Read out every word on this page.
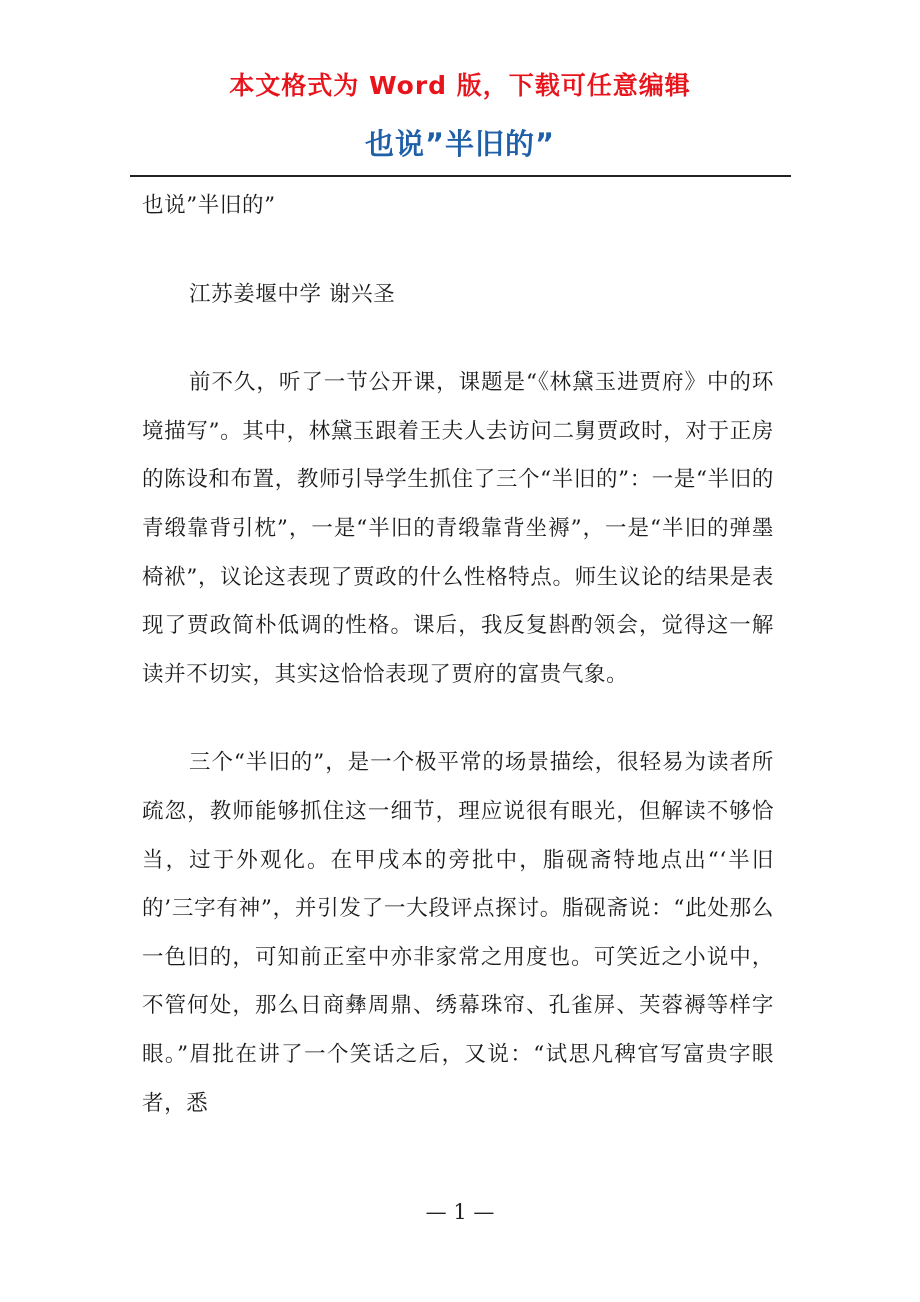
本文格式为 Word 版，下载可任意编辑
也说”半旧的”

也说”半旧的”

江苏姜堰中学 谢兴圣

前不久，听了一节公开课，课题是“《林黛玉进贾府》中的环境描写”。其中，林黛玉跟着王夫人去访问二舅贾政时，对于正房的陈设和布置，教师引导学生抓住了三个“半旧的”：一是“半旧的青缎靠背引枕”，一是“半旧的青缎靠背坐褥”，一是“半旧的弹墨椅袱”，议论这表现了贾政的什么性格特点。师生议论的结果是表现了贾政简朴低调的性格。课后，我反复斟酌领会，觉得这一解读并不切实，其实这恰恰表现了贾府的富贵气象。

三个“半旧的”，是一个极平常的场景描绘，很轻易为读者所疏忽，教师能够抓住这一细节，理应说很有眼光，但解读不够恰当，过于外观化。在甲戌本的旁批中，脂砚斋特地点出“‘半旧的’三字有神”，并引发了一大段评点探讨。脂砚斋说：“此处那么一色旧的，可知前正室中亦非家常之用度也。可笑近之小说中，不管何处，那么日商彝周鼎、绣幕珠帘、孔雀屏、芙蓉褥等样字眼。”眉批在讲了一个笑话之后，又说：“试思凡稗官写富贵字眼者，悉

— 1 —
